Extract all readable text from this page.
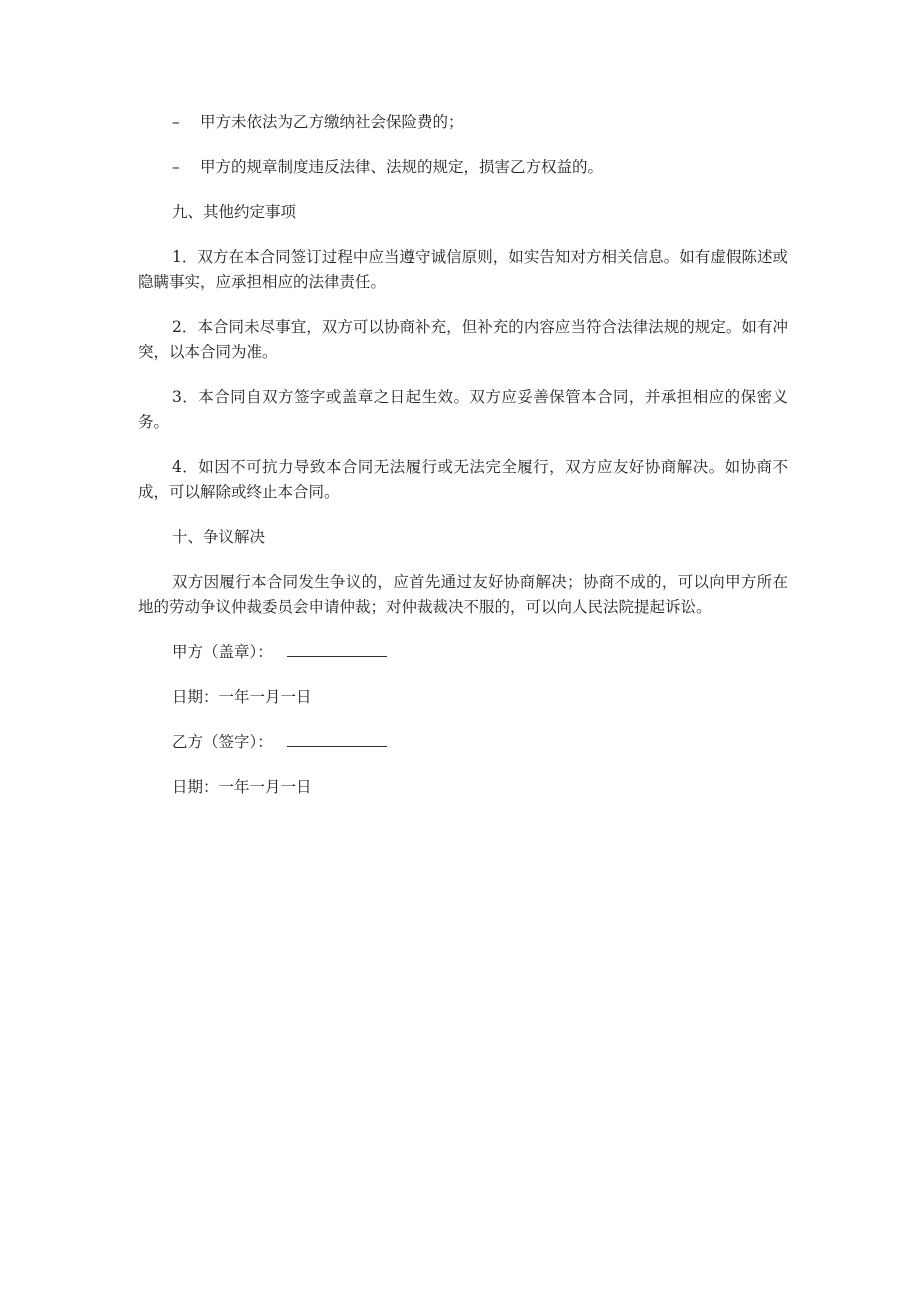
–	甲方未依法为乙方缴纳社会保险费的；
–	甲方的规章制度违反法律、法规的规定，损害乙方权益的。
九、其他约定事项

1．双方在本合同签订过程中应当遵守诚信原则，如实告知对方相关信息。如有虚假陈述或隐瞒事实，应承担相应的法律责任。

2．本合同未尽事宜，双方可以协商补充，但补充的内容应当符合法律法规的规定。如有冲突，以本合同为准。

3．本合同自双方签字或盖章之日起生效。双方应妥善保管本合同，并承担相应的保密义务。

4．如因不可抗力导致本合同无法履行或无法完全履行，双方应友好协商解决。如协商不成，可以解除或终止本合同。

十、争议解决

双方因履行本合同发生争议的，应首先通过友好协商解决；协商不成的，可以向甲方所在地的劳动争议仲裁委员会申请仲裁；对仲裁裁决不服的，可以向人民法院提起诉讼。

甲方（盖章）：
日期：一年一月一日
乙方（签字）：
日期：一年一月一日
